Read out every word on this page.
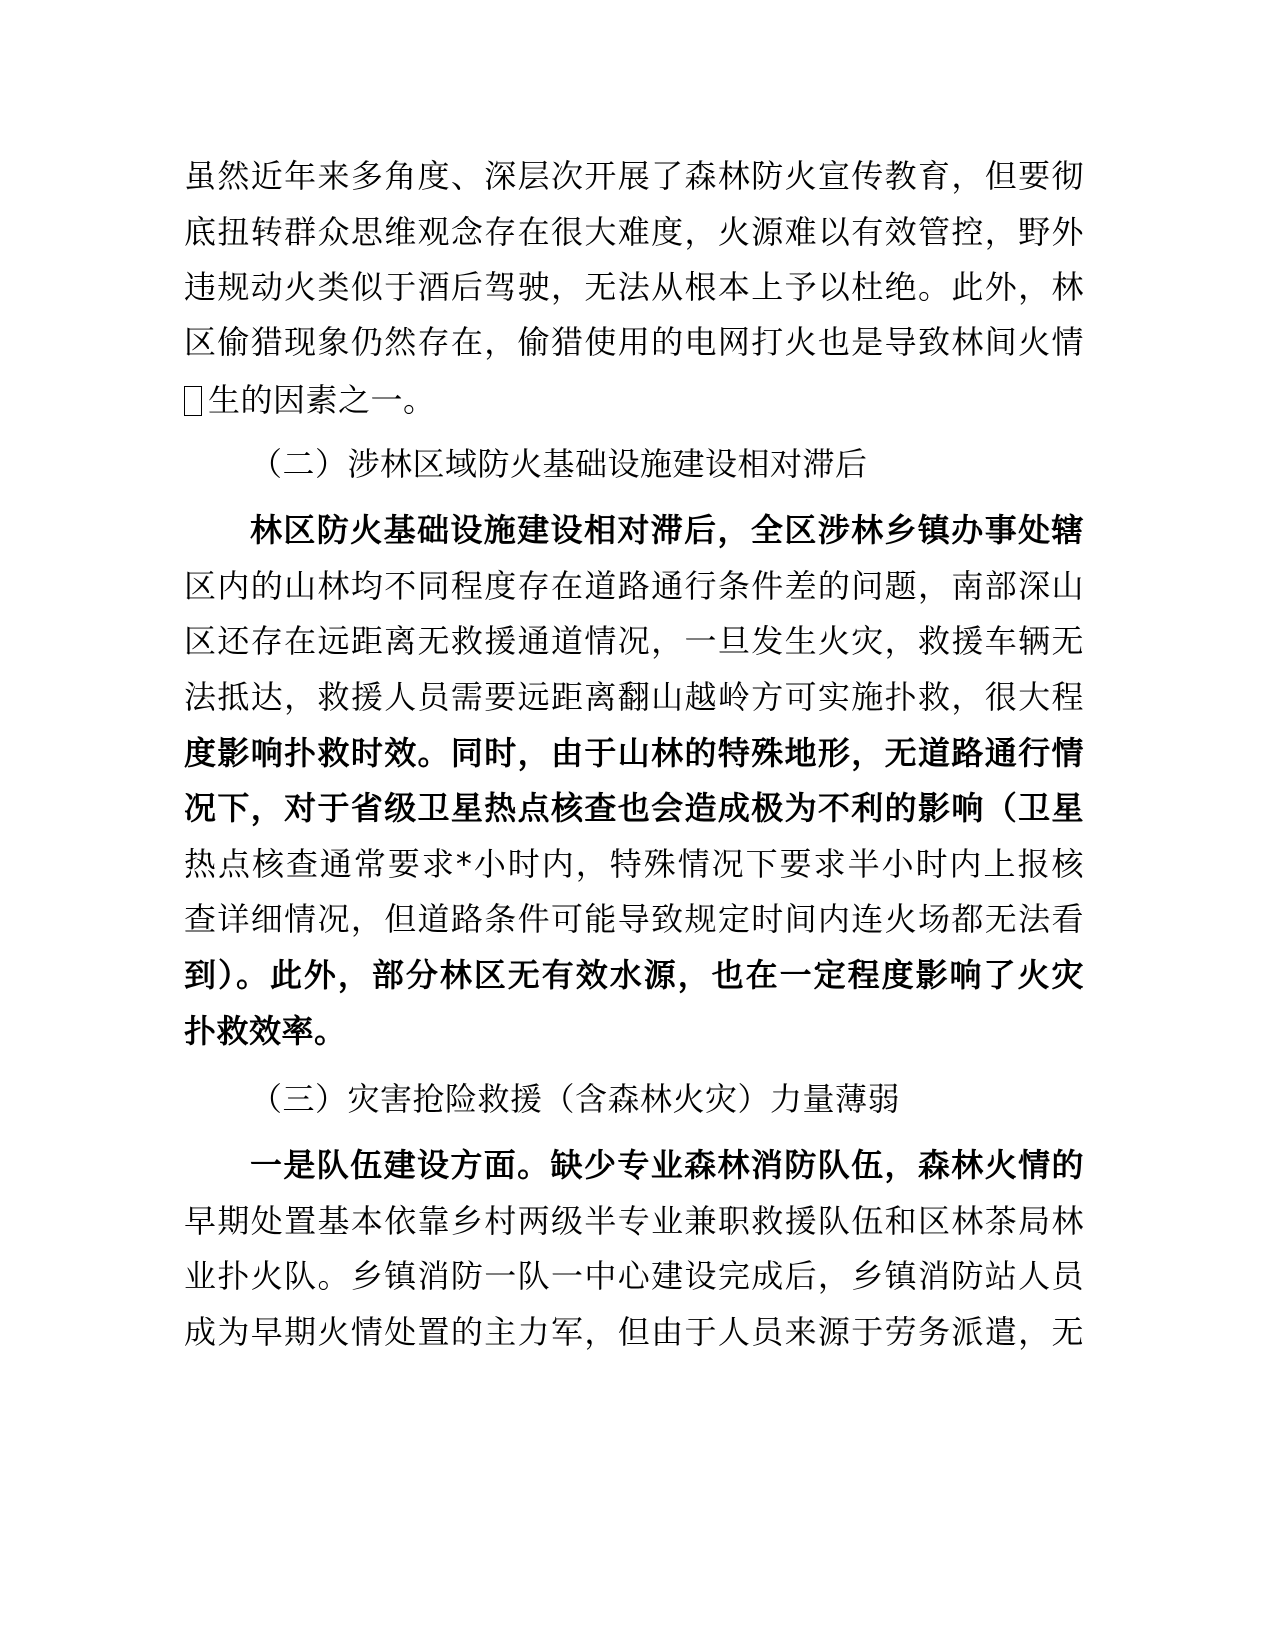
虽然近年来多角度、深层次开展了森林防火宣传教育，但要彻
底扭转群众思维观念存在很大难度，火源难以有效管控，野外
违规动火类似于酒后驾驶，无法从根本上予以杜绝。此外，林
区偷猎现象仍然存在，偷猎使用的电网打火也是导致林间火情
生的因素之一。
（二）涉林区域防火基础设施建设相对滞后
林区防火基础设施建设相对滞后，全区涉林乡镇办事处辖
区内的山林均不同程度存在道路通行条件差的问题，南部深山
区还存在远距离无救援通道情况，一旦发生火灾，救援车辆无
法抵达，救援人员需要远距离翻山越岭方可实施扑救，很大程
度影响扑救时效。同时，由于山林的特殊地形，无道路通行情
况下，对于省级卫星热点核查也会造成极为不利的影响（卫星
热点核查通常要求*小时内，特殊情况下要求半小时内上报核
查详细情况，但道路条件可能导致规定时间内连火场都无法看
到）。此外，部分林区无有效水源，也在一定程度影响了火灾
扑救效率。
（三）灾害抢险救援（含森林火灾）力量薄弱
一是队伍建设方面。缺少专业森林消防队伍，森林火情的
早期处置基本依靠乡村两级半专业兼职救援队伍和区林茶局林
业扑火队。乡镇消防一队一中心建设完成后，乡镇消防站人员
成为早期火情处置的主力军，但由于人员来源于劳务派遣，无
